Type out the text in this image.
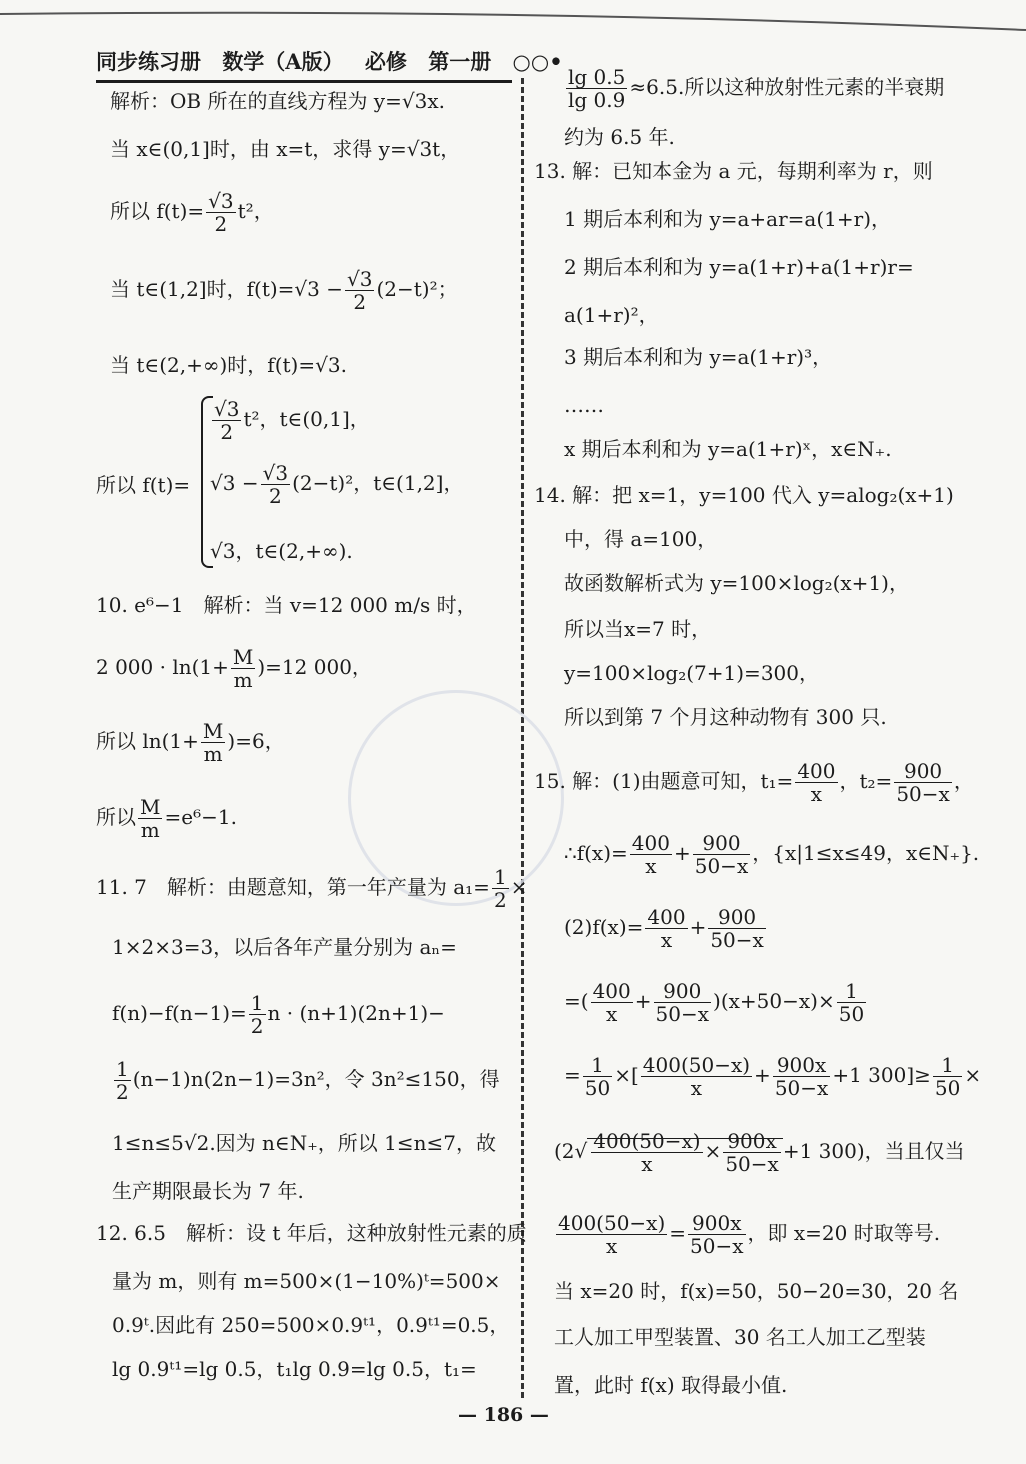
同步练习册 数学（A版） 必修 第一册 ○○•
解析：OB 所在的直线方程为 y=√3x.
当 x∈(0,1]时，由 x=t，求得 y=√3t，
所以 $f(t)= \frac{√3}{2} t^2$，
当 t∈(1,2]时，$f(t)=√3 - \frac{√3}{2} (2-t)^2$；
当 t∈(2,+∞)时，f(t)=√3.
所以 f(t)=
$\frac{√3}{2} t^2$，t∈(0,1]，
$√3 - \frac{√3}{2} (2-t)^2$，t∈(1,2]，
√3，t∈(2,+∞).
10. e⁶−1　解析：当 v=12 000 m/s 时，
2 $000 \cdot \ln(1+ \frac{M}{m} )=12$ 000，
所以 $\ln(1+ \frac{M}{m} )=6$，
所以 $\frac{M}{m} =e^6-1$.
11. 7　解析：由题意知，第一年产量为 $a_1= \frac{1}{2}$ ×
1×2×3=3，以后各年产量分别为 aₙ=
$f(n)-f(n-1)= \frac{1}{2}$ n · (n+1)(2n+1)−
$\frac{1}{2} (n-1)n(2n-1)=3n^2$，令 3n²≤150，得
1≤n≤5√2.因为 n∈N₊，所以 1≤n≤7，故
生产期限最长为 7 年.
12. 6.5　解析：设 t 年后，这种放射性元素的质
量为 m，则有 m=500×(1−10%)ᵗ=500×
0.9ᵗ.因此有 250=500×0.9ᵗ¹，0.9ᵗ¹=0.5，
lg 0.9ᵗ¹=lg 0.5，t₁lg 0.9=lg 0.5，t₁=
$\frac{\lg 0.5}{\lg 0.9} \approx 6.5$.所以这种放射性元素的半衰期
约为 6.5 年.
13. 解：已知本金为 a 元，每期利率为 r，则
1 期后本利和为 y=a+ar=a(1+r)，
2 期后本利和为 y=a(1+r)+a(1+r)r=
a(1+r)²，
3 期后本利和为 y=a(1+r)³，
……
x 期后本利和为 y=a(1+r)ˣ，x∈N₊.
14. 解：把 x=1，y=100 代入 y=alog₂(x+1)
中，得 a=100，
故函数解析式为 y=100×log₂(x+1)，
所以当x=7 时，
y=100×log₂(7+1)=300，
所以到第 7 个月这种动物有 300 只.
15. 解：(1)由题意可知，$t_1= \frac{400}{x}$ ，$t_2= \frac{900}{50-x}$ ，
∴f(x)= $\frac{400}{x} + \frac{900}{50-x}$ ，{x|1≤x≤49，x∈N₊}.
$(2)f(x)= \frac{400}{x} + \frac{900}{50-x}$
=( $\frac{400}{x} + \frac{900}{50-x} )(x+50-x)\times \frac{1}{50}$
= $\frac{1}{50}$ ×[ $\frac{400(50-x)}{x} + \frac{900x}{50-x} +1$ $300]\ge \frac{1}{50}$ ×
($2√ \frac{400(50-x)}{x} \times \frac{900x}{50-x} +1$ 300)，当且仅当
$\frac{400(50-x)}{x} = \frac{900x}{50-x}$ ，即 x=20 时取等号.
当 x=20 时，f(x)=50，50−20=30，20 名
工人加工甲型装置、30 名工人加工乙型装
置，此时 f(x) 取得最小值.
— 186 —
